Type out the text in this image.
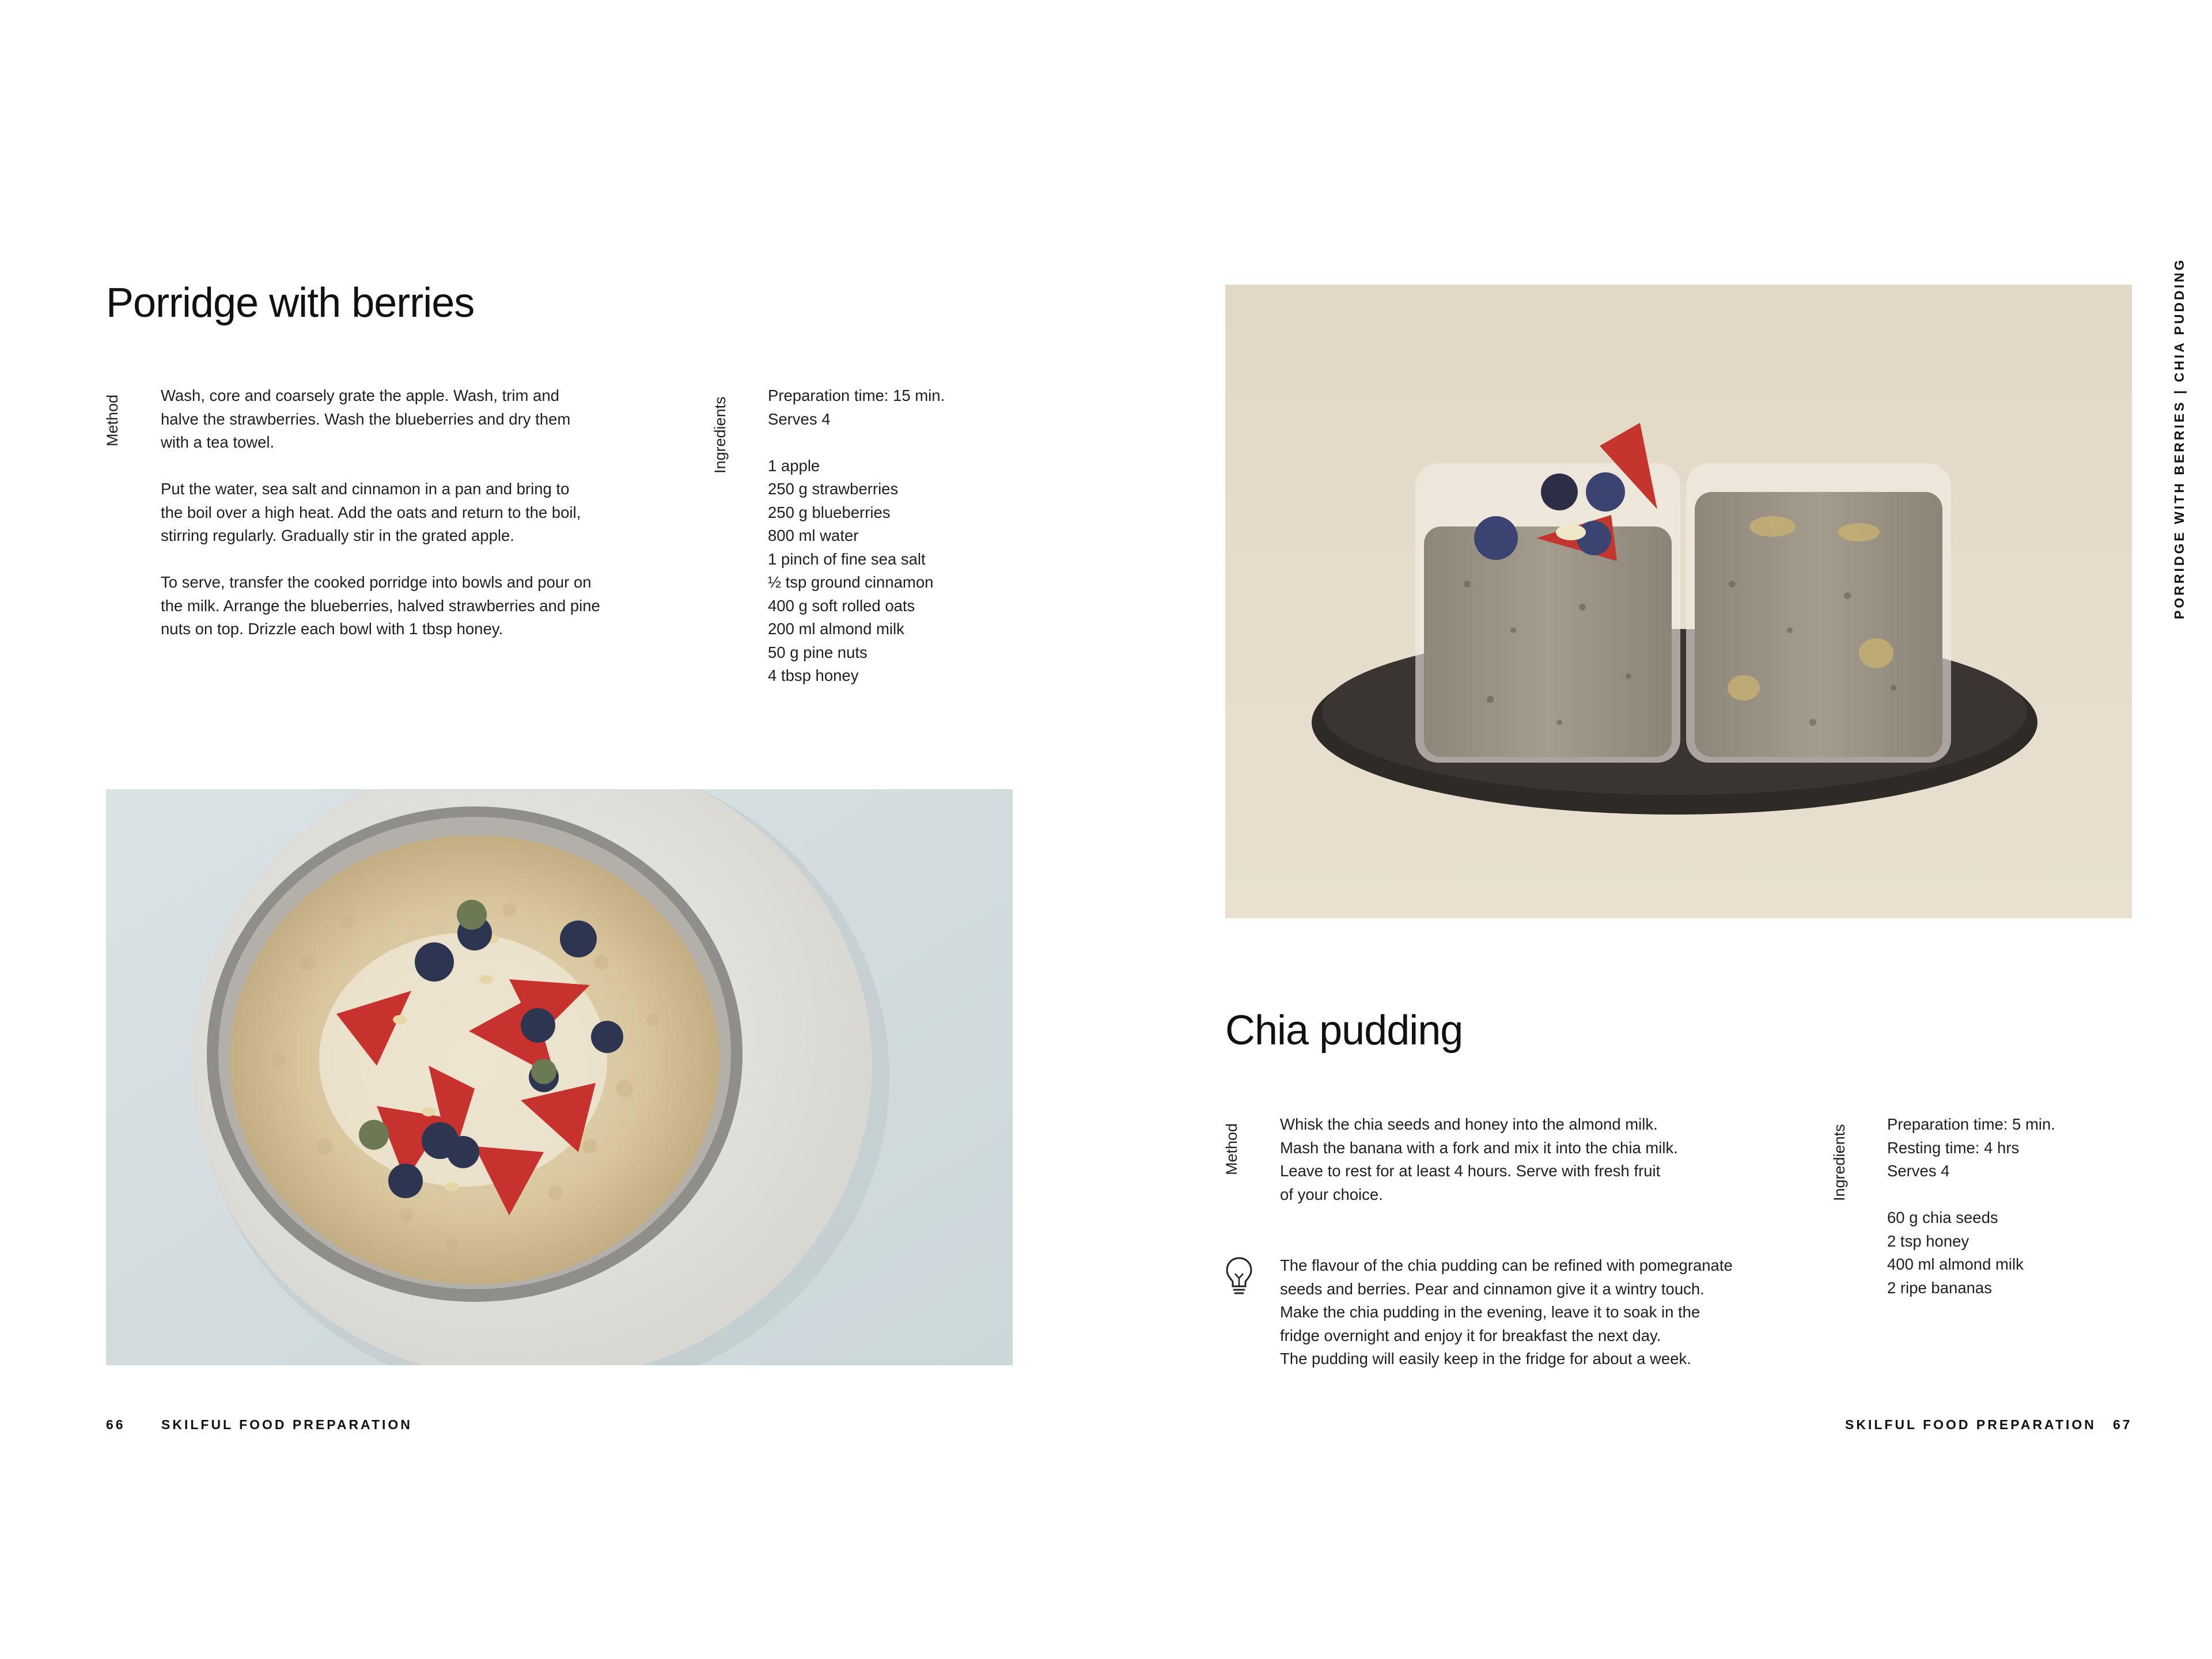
Porridge with berries
Method	Wash, core and coarsely grate the apple. Wash, trim and
halve the strawberries. Wash the blueberries and dry them
with a tea towel.

Put the water, sea salt and cinnamon in a pan and bring to
the boil over a high heat. Add the oats and return to the boil,
stirring regularly. Gradually stir in the grated apple.

To serve, transfer the cooked porridge into bowls and pour on
the milk. Arrange the blueberries, halved strawberries and pine
nuts on top. Drizzle each bowl with 1 tbsp honey.

Ingredients
Preparation time: 15 min.
Serves 4
1 apple
250 g strawberries
250 g blueberries
800 ml water
1 pinch of fine sea salt
½ tsp ground cinnamon
400 g soft rolled oats
200 ml almond milk
50 g pine nuts
4 tbsp honey
66	SKILFUL FOOD PREPARATION
PORRIDGE WITH BERRIES | CHIA PUDDING
Chia pudding
Method	Whisk the chia seeds and honey into the almond milk.
Mash the banana with a fork and mix it into the chia milk.
Leave to rest for at least 4 hours. Serve with fresh fruit
of your choice.
The flavour of the chia pudding can be refined with pomegranate
seeds and berries. Pear and cinnamon give it a wintry touch.
Make the chia pudding in the evening, leave it to soak in the
fridge overnight and enjoy it for breakfast the next day.
The pudding will easily keep in the fridge for about a week.
Ingredients Preparation time: 5 min.
Resting time: 4 hrs
Serves 4
60 g chia seeds
2 tsp honey
400 ml almond milk
2 ripe bananas
SKILFUL FOOD PREPARATION 67
